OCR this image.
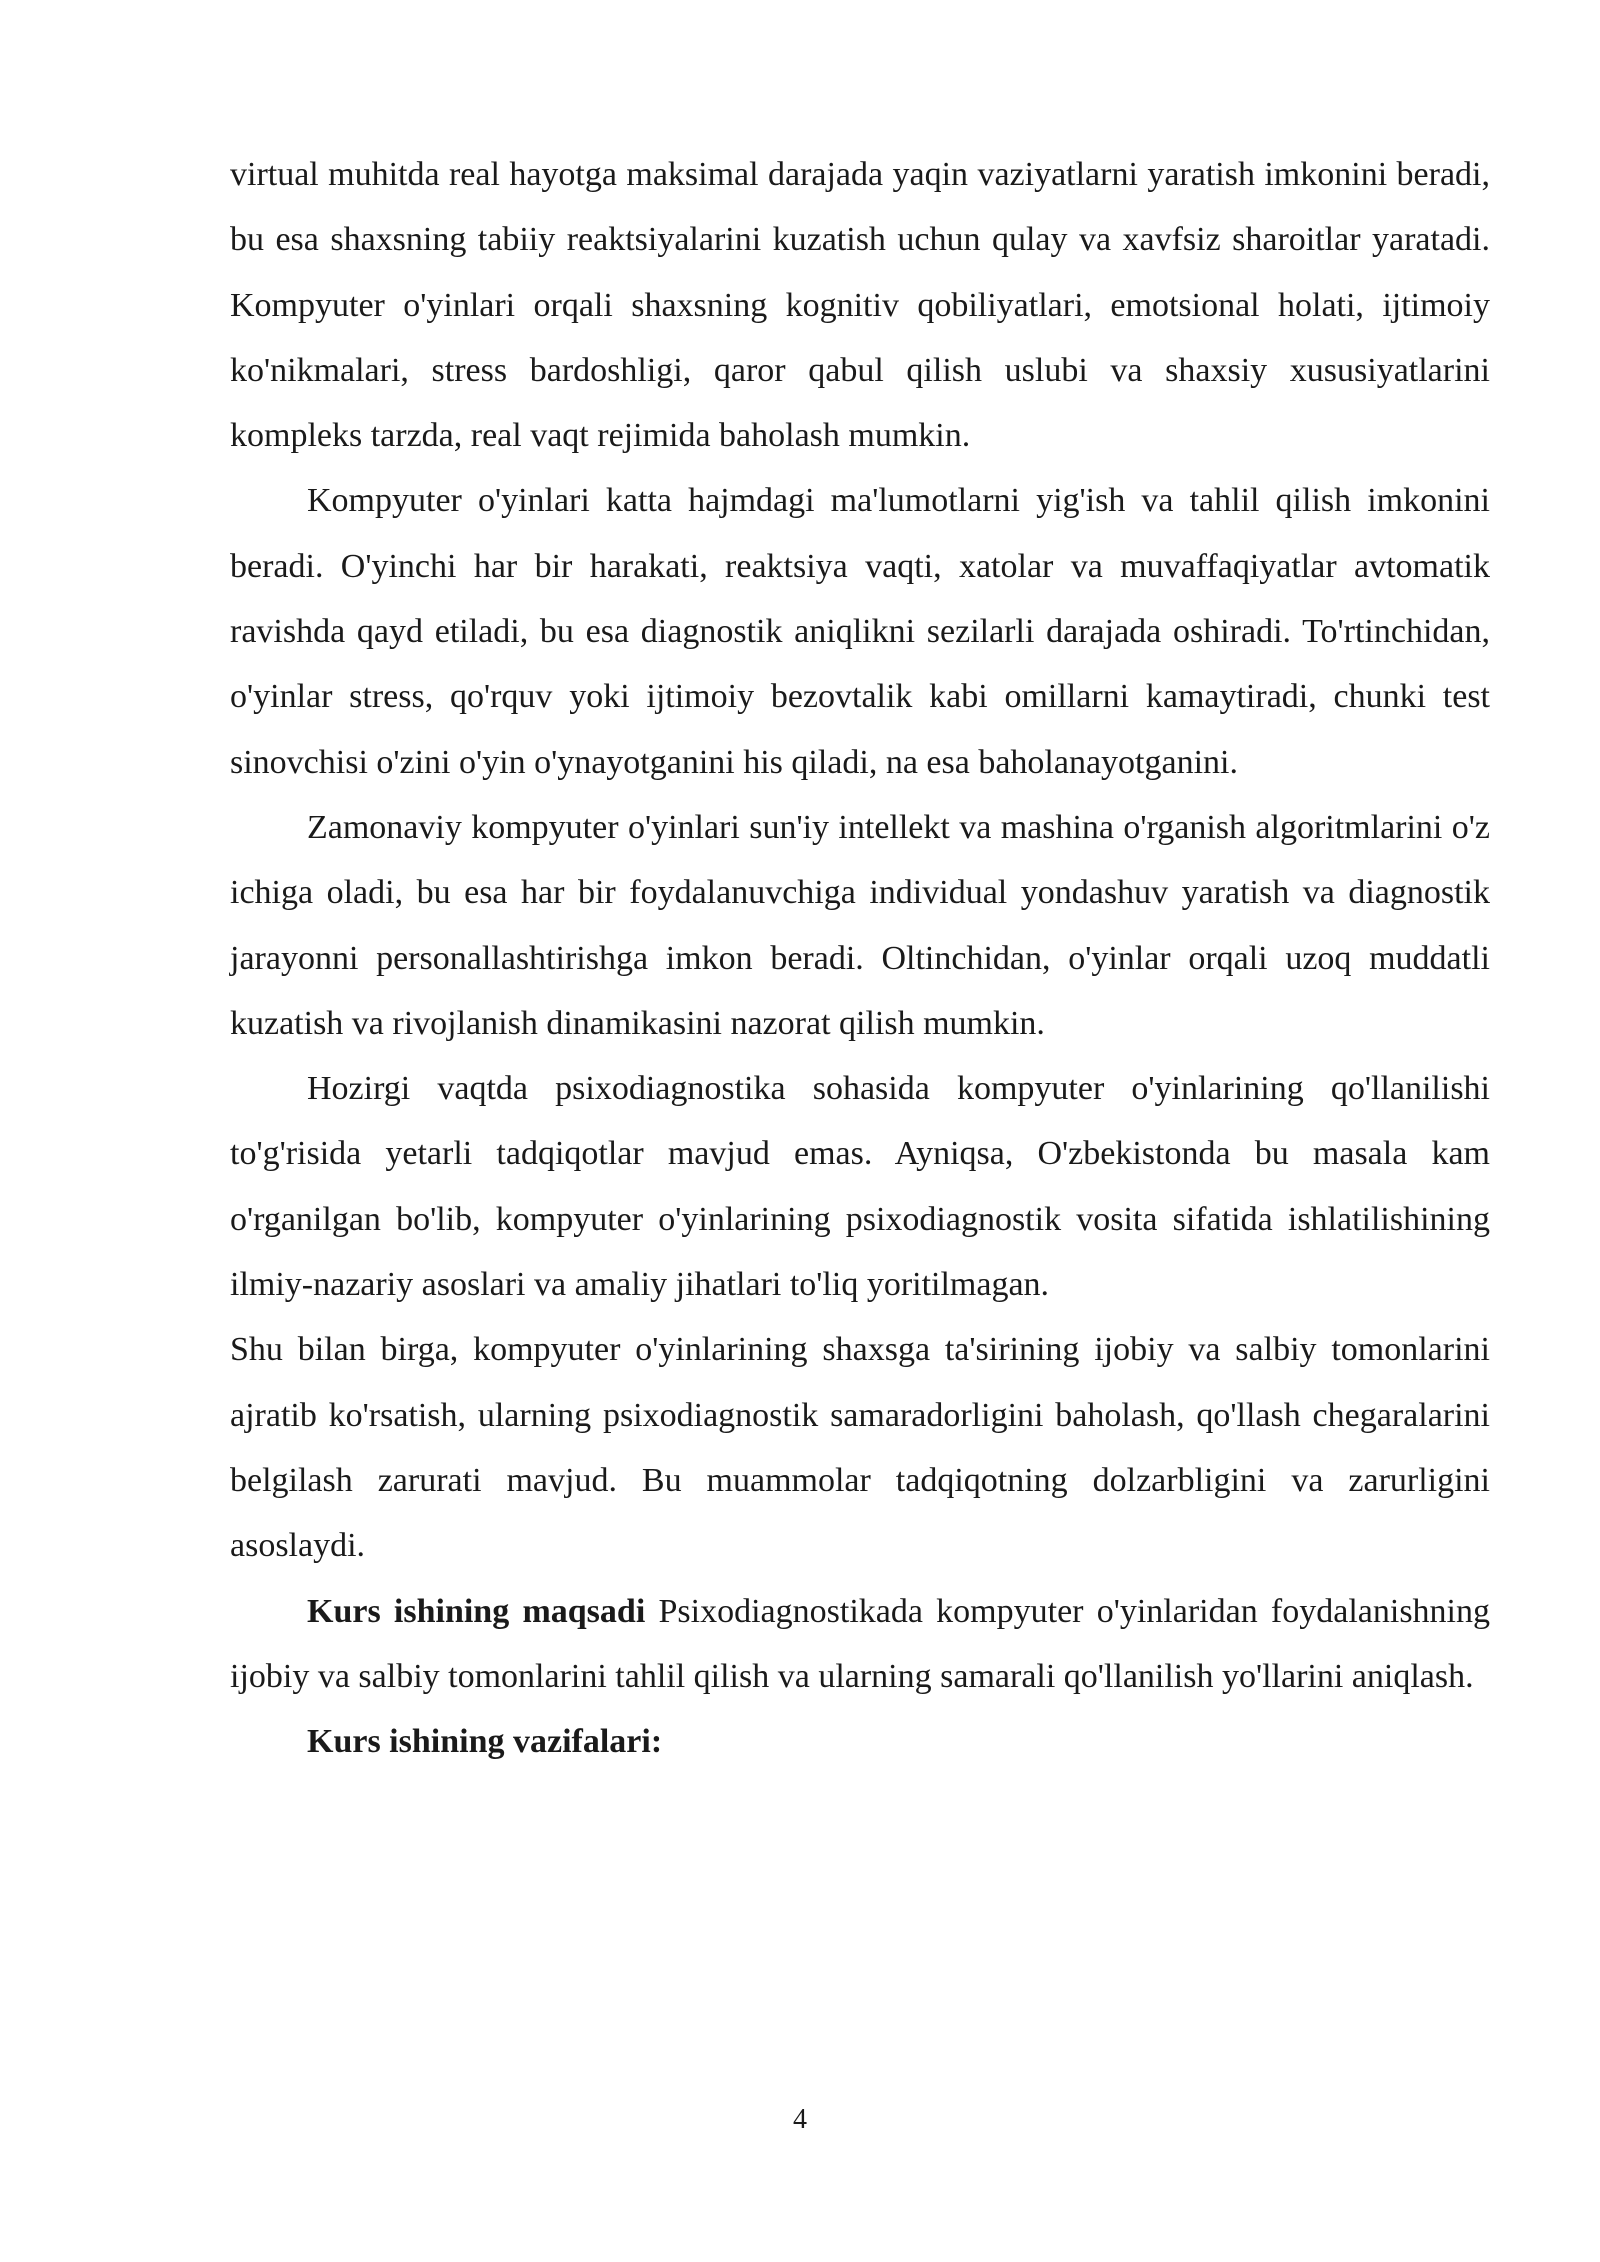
virtual muhitda real hayotga maksimal darajada yaqin vaziyatlarni yaratish imkonini beradi, bu esa shaxsning tabiiy reaktsiyalarini kuzatish uchun qulay va xavfsiz sharoitlar yaratadi. Kompyuter o'yinlari orqali shaxsning kognitiv qobiliyatlari, emotsional holati, ijtimoiy ko'nikmalari, stress bardoshligi, qaror qabul qilish uslubi va shaxsiy xususiyatlarini kompleks tarzda, real vaqt rejimida baholash mumkin.

Kompyuter o'yinlari katta hajmdagi ma'lumotlarni yig'ish va tahlil qilish imkonini beradi. O'yinchi har bir harakati, reaktsiya vaqti, xatolar va muvaffaqiyatlar avtomatik ravishda qayd etiladi, bu esa diagnostik aniqlikni sezilarli darajada oshiradi. To'rtinchidan, o'yinlar stress, qo'rquv yoki ijtimoiy bezovtalik kabi omillarni kamaytiradi, chunki test sinovchisi o'zini o'yin o'ynayotganini his qiladi, na esa baholanayotganini.

Zamonaviy kompyuter o'yinlari sun'iy intellekt va mashina o'rganish algoritmlarini o'z ichiga oladi, bu esa har bir foydalanuvchiga individual yondashuv yaratish va diagnostik jarayonni personallashtirishga imkon beradi. Oltinchidan, o'yinlar orqali uzoq muddatli kuzatish va rivojlanish dinamikasini nazorat qilish mumkin.

Hozirgi vaqtda psixodiagnostika sohasida kompyuter o'yinlarining qo'llanilishi to'g'risida yetarli tadqiqotlar mavjud emas. Ayniqsa, O'zbekistonda bu masala kam o'rganilgan bo'lib, kompyuter o'yinlarining psixodiagnostik vosita sifatida ishlatilishining ilmiy-nazariy asoslari va amaliy jihatlari to'liq yoritilmagan.

Shu bilan birga, kompyuter o'yinlarining shaxsga ta'sirining ijobiy va salbiy tomonlarini ajratib ko'rsatish, ularning psixodiagnostik samaradorligini baholash, qo'llash chegaralarini belgilash zarurati mavjud. Bu muammolar tadqiqotning dolzarbligini va zarurligini asoslaydi.

Kurs ishining maqsadi Psixodiagnostikada kompyuter o'yinlaridan foydalanishning ijobiy va salbiy tomonlarini tahlil qilish va ularning samarali qo'llanilish yo'llarini aniqlash.

Kurs ishining vazifalari:

4
